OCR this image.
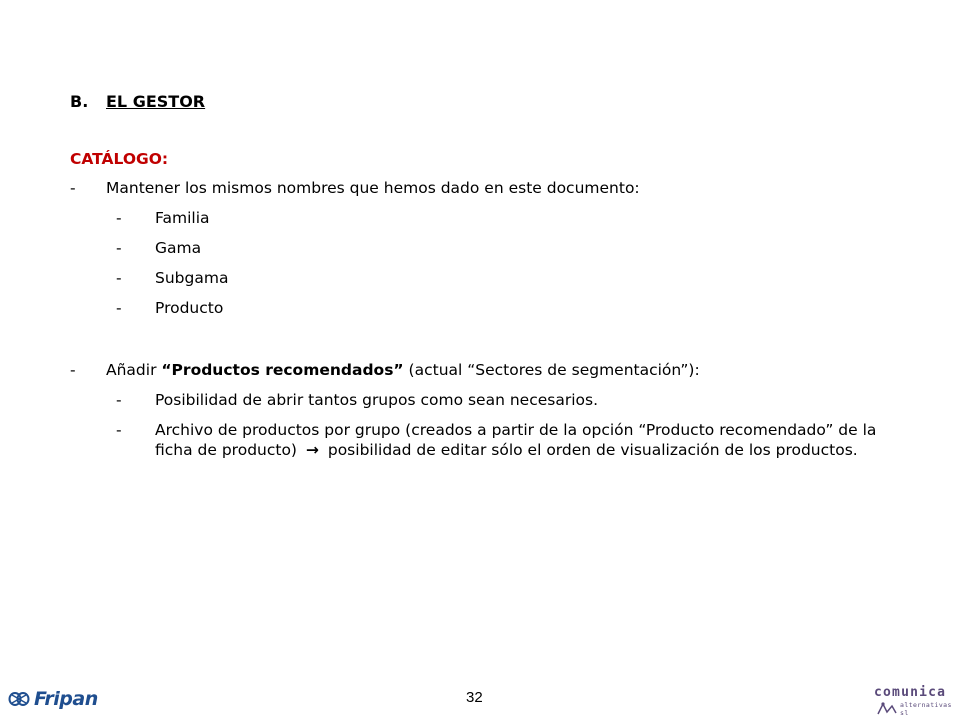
B.	EL GESTOR
CATÁLOGO:
-	Mantener los mismos nombres que hemos dado en este documento:
-	Familia
-	Gama
-	Subgama
-	Producto
-	Añadir “Productos recomendados” (actual “Sectores de segmentación”):
-	Posibilidad de abrir tantos grupos como sean necesarios.
-	Archivo de productos por grupo (creados a partir de la opción “Producto recomendado” de la ficha de producto) → posibilidad de editar sólo el orden de visualización de los productos.
Fripan	32	comunica
alternativas sl
